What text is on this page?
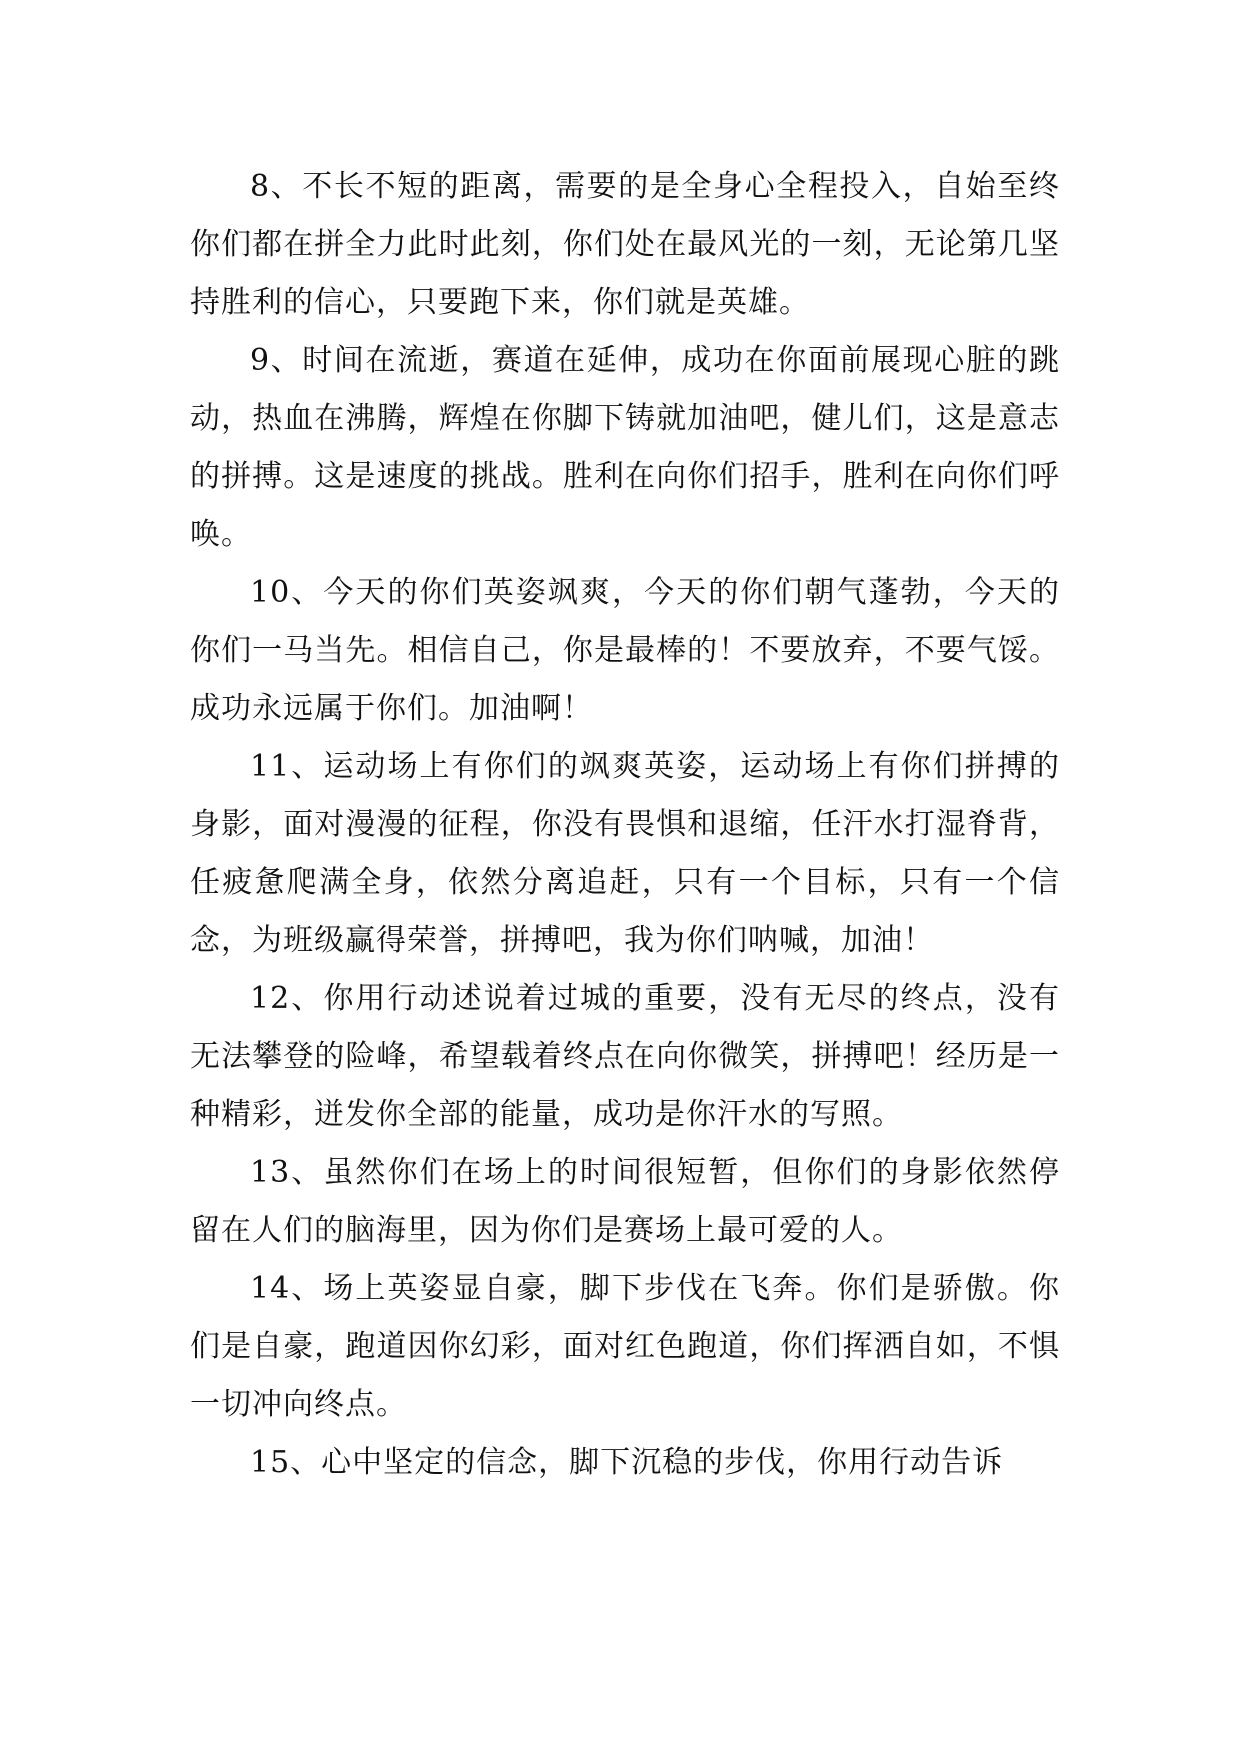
8、不长不短的距离，需要的是全身心全程投入，自始至终你们都在拼全力此时此刻，你们处在最风光的一刻，无论第几坚持胜利的信心，只要跑下来，你们就是英雄。

9、时间在流逝，赛道在延伸，成功在你面前展现心脏的跳动，热血在沸腾，辉煌在你脚下铸就加油吧，健儿们，这是意志的拼搏。这是速度的挑战。胜利在向你们招手，胜利在向你们呼唤。

10、今天的你们英姿飒爽，今天的你们朝气蓬勃，今天的你们一马当先。相信自己，你是最棒的！不要放弃，不要气馁。成功永远属于你们。加油啊！

11、运动场上有你们的飒爽英姿，运动场上有你们拼搏的身影，面对漫漫的征程，你没有畏惧和退缩，任汗水打湿脊背，任疲惫爬满全身，依然分离追赶，只有一个目标，只有一个信念，为班级赢得荣誉，拼搏吧，我为你们呐喊，加油！

12、你用行动述说着过城的重要，没有无尽的终点，没有无法攀登的险峰，希望载着终点在向你微笑，拼搏吧！经历是一种精彩，迸发你全部的能量，成功是你汗水的写照。

13、虽然你们在场上的时间很短暂，但你们的身影依然停留在人们的脑海里，因为你们是赛场上最可爱的人。

14、场上英姿显自豪，脚下步伐在飞奔。你们是骄傲。你们是自豪，跑道因你幻彩，面对红色跑道，你们挥洒自如，不惧一切冲向终点。

15、心中坚定的信念，脚下沉稳的步伐，你用行动告诉
